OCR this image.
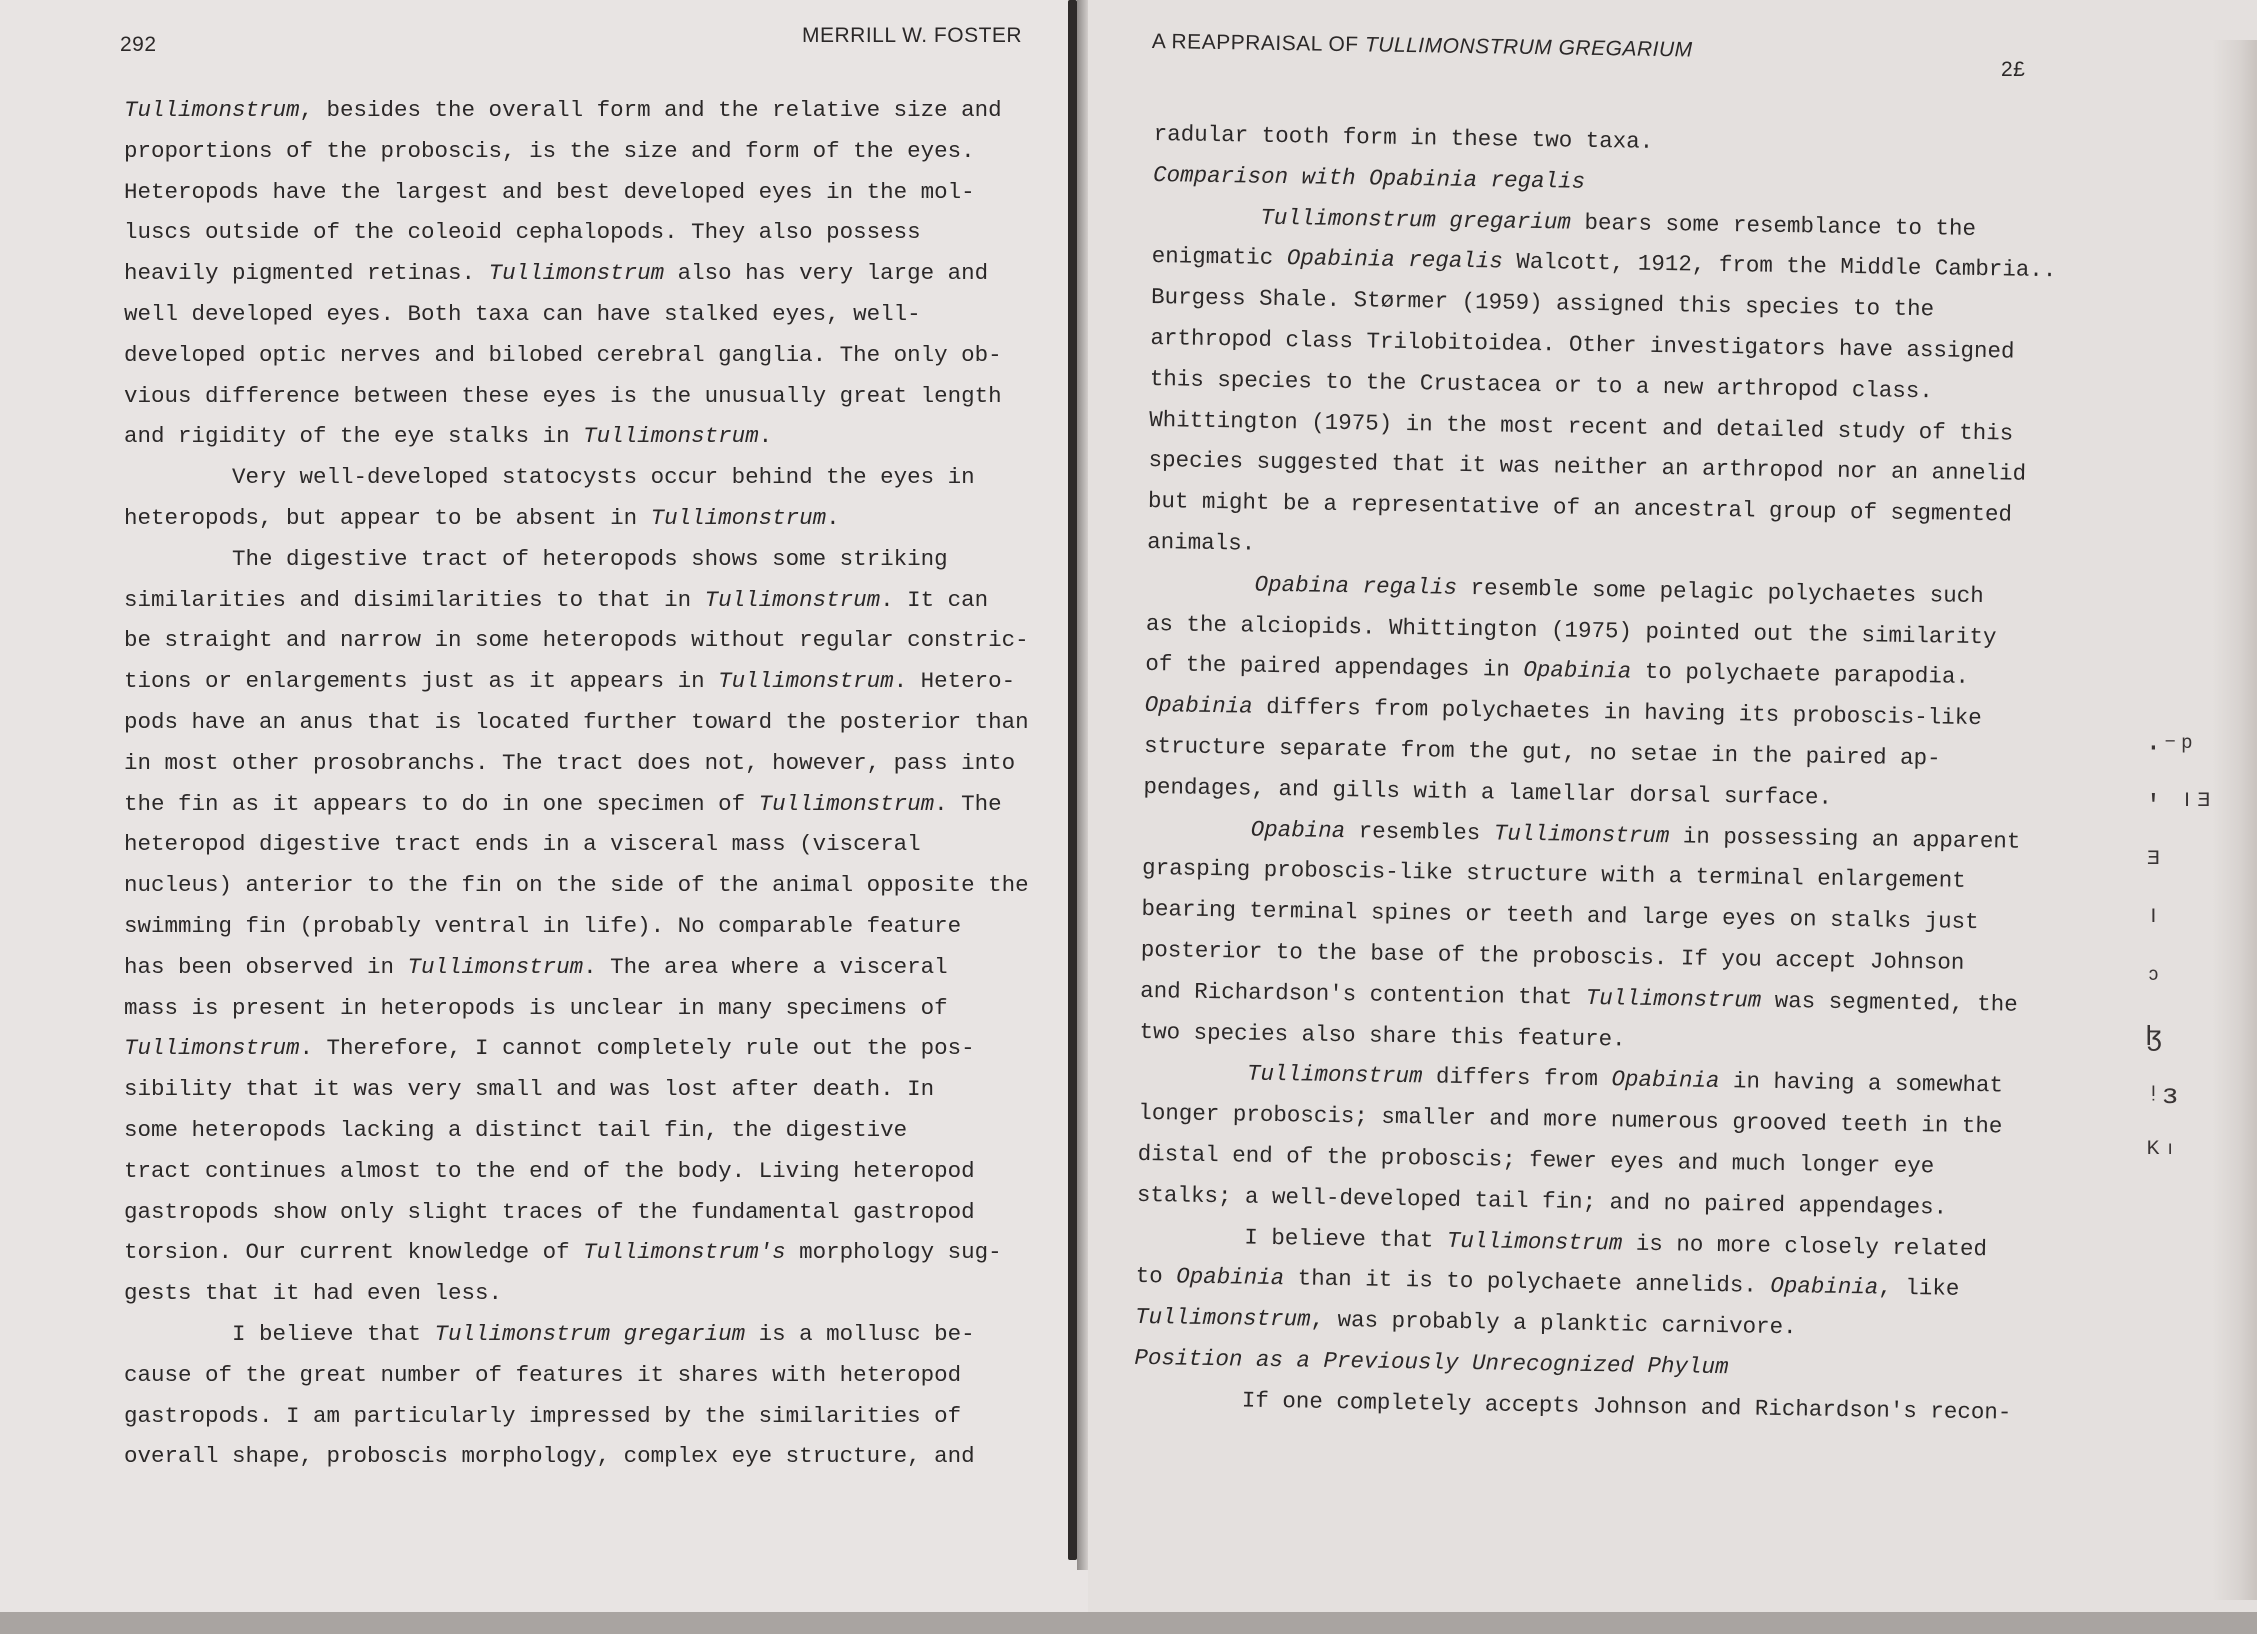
292	MERRILL W. FOSTER
Tullimonstrum, besides the overall form and the relative size and
proportions of the proboscis, is the size and form of the eyes.
Heteropods have the largest and best developed eyes in the mol-
luscs outside of the coleoid cephalopods. They also possess
heavily pigmented retinas. Tullimonstrum also has very large and
well developed eyes. Both taxa can have stalked eyes, well-
developed optic nerves and bilobed cerebral ganglia. The only ob-
vious difference between these eyes is the unusually great length
and rigidity of the eye stalks in Tullimonstrum.
Very well-developed statocysts occur behind the eyes in
heteropods, but appear to be absent in Tullimonstrum.
The digestive tract of heteropods shows some striking
similarities and disimilarities to that in Tullimonstrum. It can
be straight and narrow in some heteropods without regular constric-
tions or enlargements just as it appears in Tullimonstrum. Hetero-
pods have an anus that is located further toward the posterior than
in most other prosobranchs. The tract does not, however, pass into
the fin as it appears to do in one specimen of Tullimonstrum. The
heteropod digestive tract ends in a visceral mass (visceral
nucleus) anterior to the fin on the side of the animal opposite the
swimming fin (probably ventral in life). No comparable feature
has been observed in Tullimonstrum. The area where a visceral
mass is present in heteropods is unclear in many specimens of
Tullimonstrum. Therefore, I cannot completely rule out the pos-
sibility that it was very small and was lost after death. In
some heteropods lacking a distinct tail fin, the digestive
tract continues almost to the end of the body. Living heteropod
gastropods show only slight traces of the fundamental gastropod
torsion. Our current knowledge of Tullimonstrum's morphology sug-
gests that it had even less.
I believe that Tullimonstrum gregarium is a mollusc be-
cause of the great number of features it shares with heteropod
gastropods. I am particularly impressed by the similarities of
overall shape, proboscis morphology, complex eye structure, and
A REAPPRAISAL OF TULLIMONSTRUM GREGARIUM
2£
radular tooth form in these two taxa.
Comparison with Opabinia regalis
Tullimonstrum gregarium bears some resemblance to the
enigmatic Opabinia regalis Walcott, 1912, from the Middle Cambria..
Burgess Shale. Størmer (1959) assigned this species to the
arthropod class Trilobitoidea. Other investigators have assigned
this species to the Crustacea or to a new arthropod class.
Whittington (1975) in the most recent and detailed study of this
species suggested that it was neither an arthropod nor an annelid
but might be a representative of an ancestral group of segmented
animals.
Opabina regalis resemble some pelagic polychaetes such
as the alciopids. Whittington (1975) pointed out the similarity
of the paired appendages in Opabinia to polychaete parapodia.
Opabinia differs from polychaetes in having its proboscis-like
structure separate from the gut, no setae in the paired ap-
pendages, and gills with a lamellar dorsal surface.
Opabina resembles Tullimonstrum in possessing an apparent
grasping proboscis-like structure with a terminal enlargement
bearing terminal spines or teeth and large eyes on stalks just
posterior to the base of the proboscis. If you accept Johnson
and Richardson's contention that Tullimonstrum was segmented, the
two species also share this feature.
Tullimonstrum differs from Opabinia in having a somewhat
longer proboscis; smaller and more numerous grooved teeth in the
distal end of the proboscis; fewer eyes and much longer eye
stalks; a well-developed tail fin; and no paired appendages.
I believe that Tullimonstrum is no more closely related
to Opabinia than it is to polychaete annelids. Opabinia, like
Tullimonstrum, was probably a planktic carnivore.
Position as a Previously Unrecognized Phylum
If one completely accepts Johnson and Richardson's recon-
·⁻ᵖ
' ᴵᴲ
ᴲ
ᴵ
ᵓ
ɮ
ᵎɜ
ᴷᶦ
